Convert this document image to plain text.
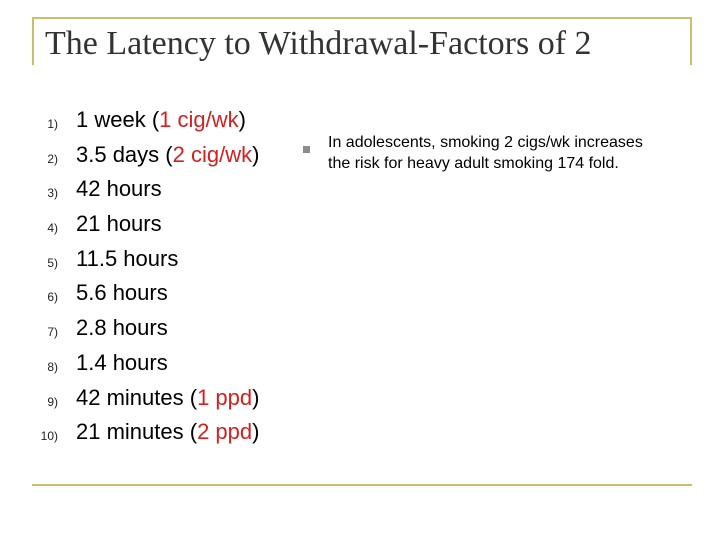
The Latency to Withdrawal-Factors of 2
1) 1 week (1 cig/wk)
2) 3.5 days (2 cig/wk)
3) 42 hours
4) 21 hours
5) 11.5 hours
6) 5.6 hours
7) 2.8 hours
8) 1.4 hours
9) 42 minutes (1 ppd)
10) 21 minutes (2 ppd)
In adolescents, smoking 2 cigs/wk increases the risk for heavy adult smoking 174 fold.
